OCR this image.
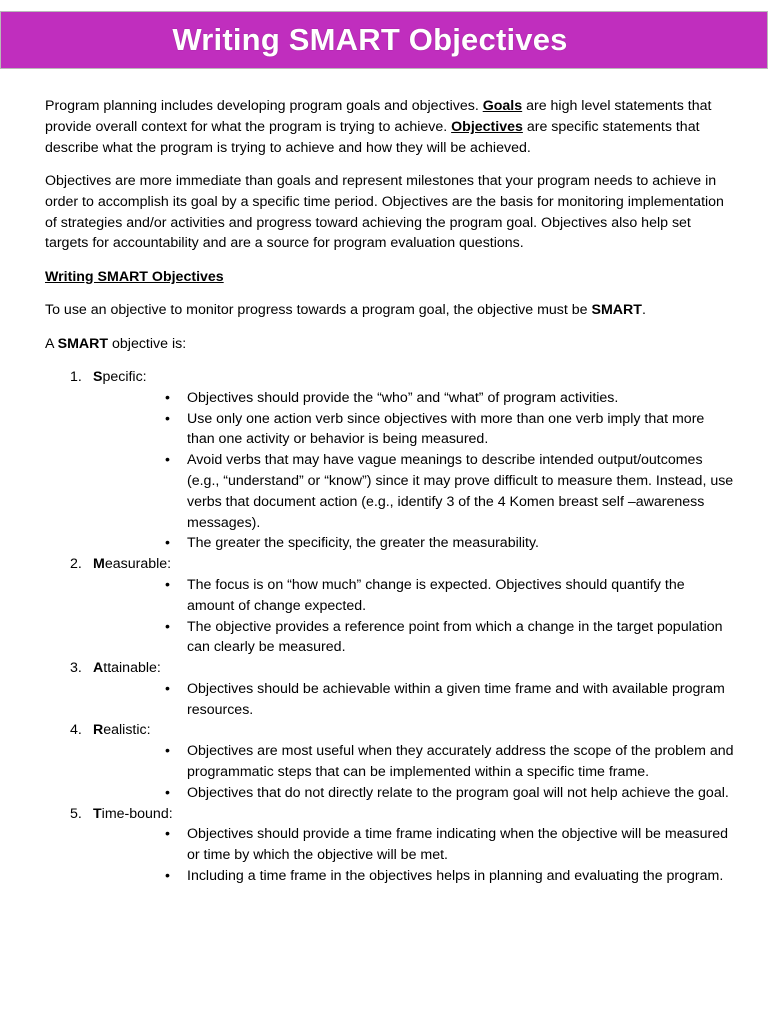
Writing SMART Objectives

Program planning includes developing program goals and objectives. Goals are high level statements that provide overall context for what the program is trying to achieve. Objectives are specific statements that describe what the program is trying to achieve and how they will be achieved.

Objectives are more immediate than goals and represent milestones that your program needs to achieve in order to accomplish its goal by a specific time period. Objectives are the basis for monitoring implementation of strategies and/or activities and progress toward achieving the program goal. Objectives also help set targets for accountability and are a source for program evaluation questions.

Writing SMART Objectives

To use an objective to monitor progress towards a program goal, the objective must be SMART.

A SMART objective is:

1. Specific:
• Objectives should provide the “who” and “what” of program activities.
• Use only one action verb since objectives with more than one verb imply that more than one activity or behavior is being measured.
• Avoid verbs that may have vague meanings to describe intended output/outcomes (e.g., “understand” or “know”) since it may prove difficult to measure them. Instead, use verbs that document action (e.g., identify 3 of the 4 Komen breast self –awareness messages).
• The greater the specificity, the greater the measurability.
2. Measurable:
• The focus is on “how much” change is expected. Objectives should quantify the amount of change expected.
• The objective provides a reference point from which a change in the target population can clearly be measured.
3. Attainable:
• Objectives should be achievable within a given time frame and with available program resources.
4. Realistic:
• Objectives are most useful when they accurately address the scope of the problem and programmatic steps that can be implemented within a specific time frame.
• Objectives that do not directly relate to the program goal will not help achieve the goal.
5. Time-bound:
• Objectives should provide a time frame indicating when the objective will be measured or time by which the objective will be met.
• Including a time frame in the objectives helps in planning and evaluating the program.
